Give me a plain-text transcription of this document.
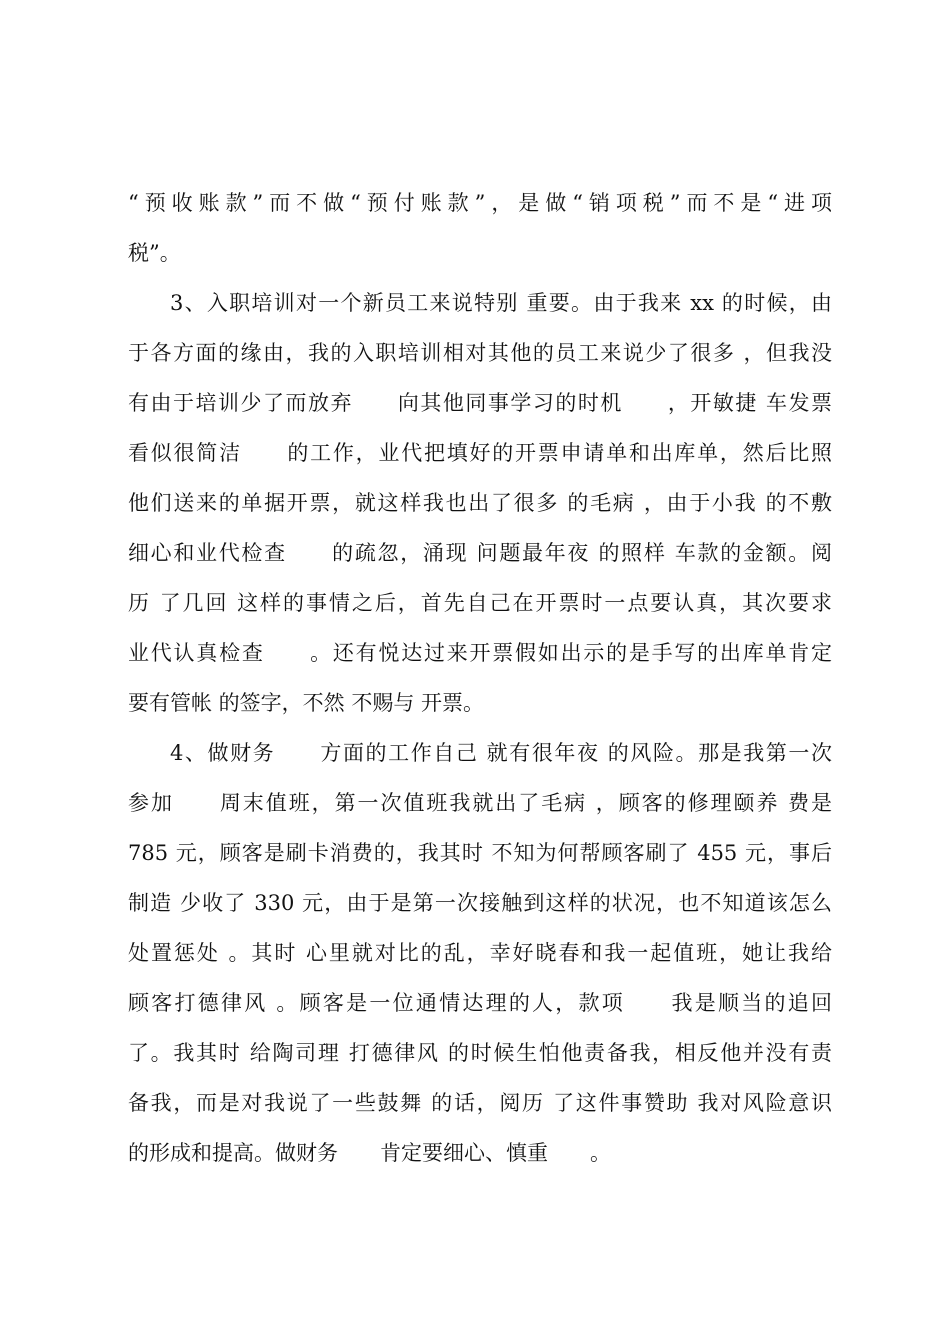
“预收账款”而不做“预付账款”，是做“销项税”而不是“进项
税”。
3、入职培训对一个新员工来说特别 重要。由于我来 xx 的时候，由
于各方面的缘由，我的入职培训相对其他的员工来说少了很多 ，但我没
有由于培训少了而放弃　　向其他同事学习的时机　　，开敏捷 车发票
看似很简洁　　的工作，业代把填好的开票申请单和出库单，然后比照
他们送来的单据开票，就这样我也出了很多 的毛病 ，由于小我 的不敷
细心和业代检查　　的疏忽，涌现 问题最年夜 的照样 车款的金额。阅
历 了几回 这样的事情之后，首先自己在开票时一点要认真，其次要求
业代认真检查　　。还有悦达过来开票假如出示的是手写的出库单肯定
要有管帐 的签字，不然 不赐与 开票。
4、做财务　　方面的工作自己 就有很年夜 的风险。那是我第一次
参加　　周末值班，第一次值班我就出了毛病 ，顾客的修理颐养 费是
785 元，顾客是刷卡消费的，我其时 不知为何帮顾客刷了 455 元，事后
制造 少收了 330 元，由于是第一次接触到这样的状况，也不知道该怎么
处置惩处 。其时 心里就对比的乱，幸好晓春和我一起值班，她让我给
顾客打德律风 。顾客是一位通情达理的人，款项　　我是顺当的追回
了。我其时 给陶司理 打德律风 的时候生怕他责备我，相反他并没有责
备我，而是对我说了一些鼓舞 的话，阅历 了这件事赞助 我对风险意识
的形成和提高。做财务　　肯定要细心、慎重　　。
